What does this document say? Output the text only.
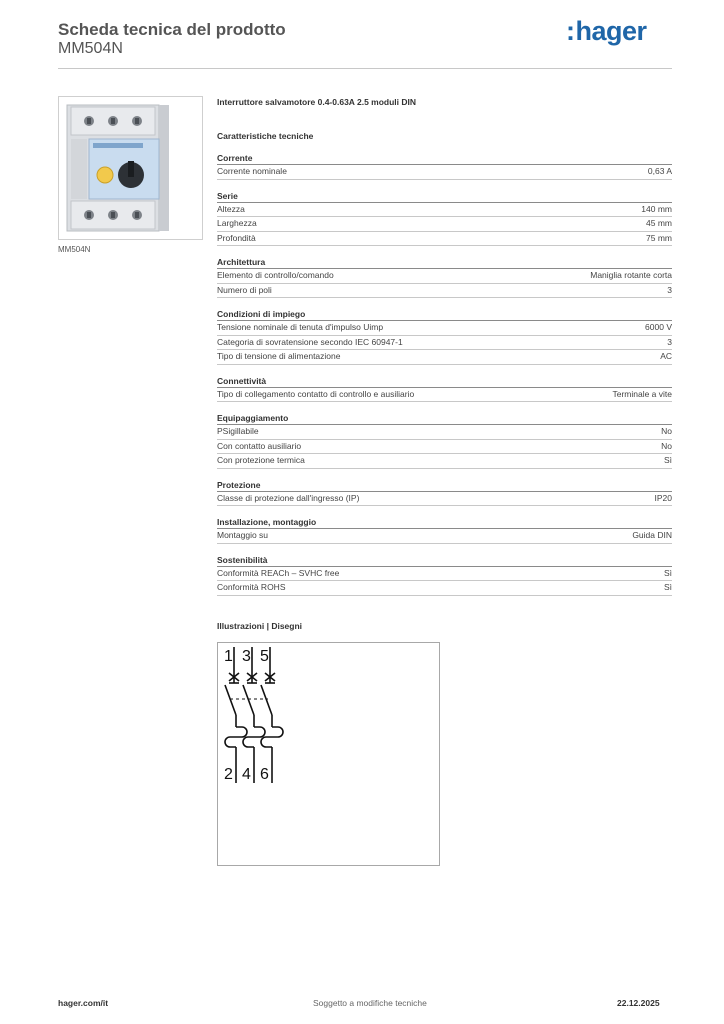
Scheda tecnica del prodotto
MM504N
:hager
MM504N
Interruttore salvamotore 0.4-0.63A 2.5 moduli DIN
Caratteristiche tecniche
Corrente
Corrente nominale	0,63 A
Serie
Altezza	140 mm
Larghezza	45 mm
Profondità	75 mm
Architettura
Elemento di controllo/comando	Maniglia rotante corta
Numero di poli	3
Condizioni di impiego
Tensione nominale di tenuta d'impulso Uimp	6000 V
Categoria di sovratensione secondo IEC 60947-1	3
Tipo di tensione di alimentazione	AC
Connettività
Tipo di collegamento contatto di controllo e ausiliario	Terminale a vite
Equipaggiamento
PSigillabile	No
Con contatto ausiliario	No
Con protezione termica	Sì
Protezione
Classe di protezione dall'ingresso (IP)	IP20
Installazione, montaggio
Montaggio su	Guida DIN
Sostenibilità
Conformità REACh – SVHC free	Sì
Conformità ROHS	Sì
Illustrazioni | Disegni
1 3 5
2 4 6
hager.com/it	Soggetto a modifiche tecniche	22.12.2025
